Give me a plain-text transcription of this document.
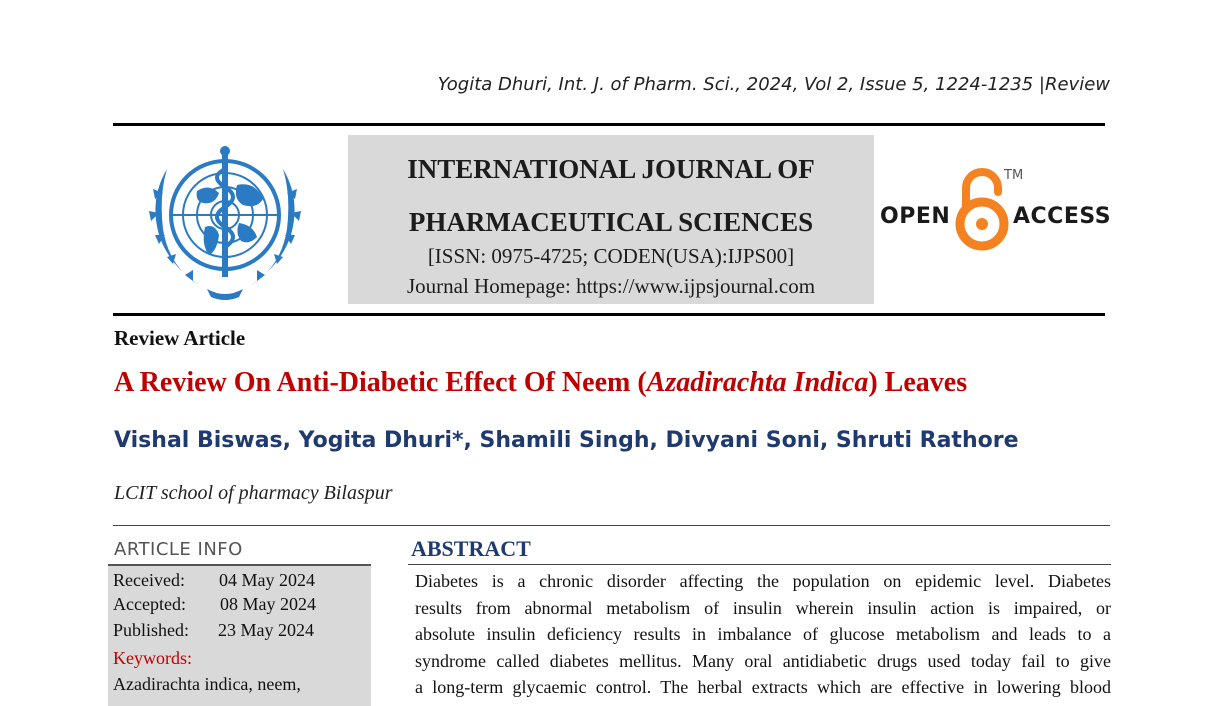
Yogita Dhuri, Int. J. of Pharm. Sci., 2024, Vol 2, Issue 5, 1224-1235 |Review
INTERNATIONAL JOURNAL OF
PHARMACEUTICAL SCIENCES
[ISSN: 0975-4725; CODEN(USA):IJPS00]
Journal Homepage: https://www.ijpsjournal.com
OPEN
TM
ACCESS
Review Article
A Review On Anti-Diabetic Effect Of Neem (Azadirachta Indica) Leaves
Vishal Biswas, Yogita Dhuri*, Shamili Singh, Divyani Soni, Shruti Rathore
LCIT school of pharmacy Bilaspur
ARTICLE INFO
Received: 04 May 2024
Accepted: 08 May 2024
Published: 23 May 2024
Keywords:
Azadirachta indica, neem,
ABSTRACT
Diabetes is a chronic disorder affecting the population on epidemic level. Diabetes
results from abnormal metabolism of insulin wherein insulin action is impaired, or
absolute insulin deficiency results in imbalance of glucose metabolism and leads to a
syndrome called diabetes mellitus. Many oral antidiabetic drugs used today fail to give
a long-term glycaemic control. The herbal extracts which are effective in lowering blood
